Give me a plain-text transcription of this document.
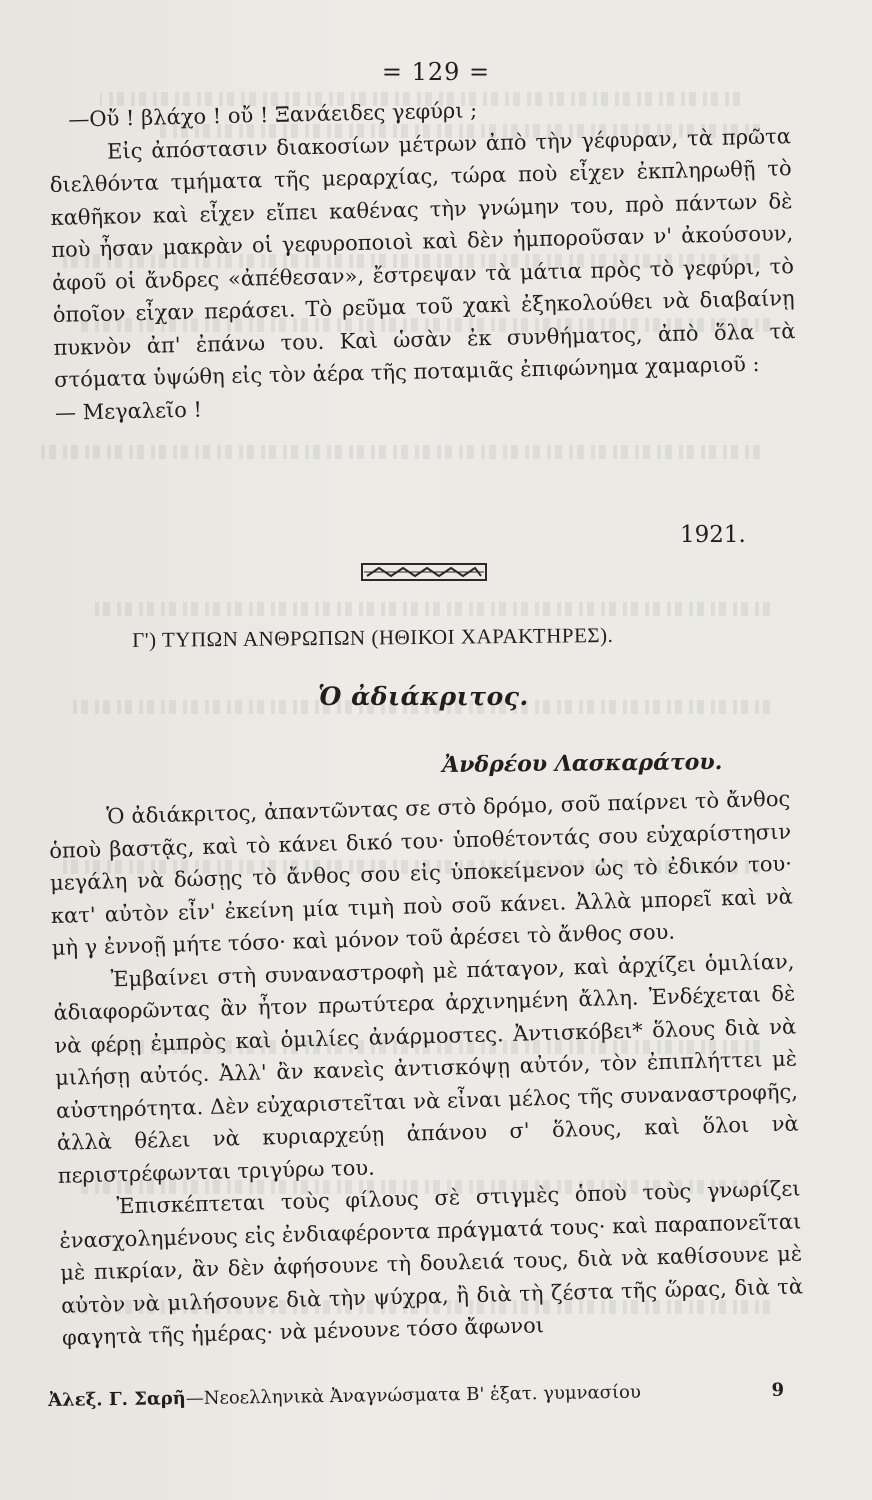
= 129 =

—Οὔ ! βλάχο ! οὔ ! Ξανάειδες γεφύρι ;

Εἰς ἀπόστασιν διακοσίων μέτρων ἀπὸ τὴν γέφυραν, τὰ πρῶτα διελθόντα τμήματα τῆς μεραρχίας, τώρα ποὺ εἶχεν ἐκπληρωθῇ τὸ καθῆκον καὶ εἶχεν εἴπει καθένας τὴν γνώμην του, πρὸ πάντων δὲ ποὺ ἦσαν μακρὰν οἱ γεφυροποιοὶ καὶ δὲν ἠμποροῦσαν ν' ἀκούσουν, ἀφοῦ οἱ ἄνδρες «ἀπέθεσαν», ἔστρεψαν τὰ μάτια πρὸς τὸ γεφύρι, τὸ ὁποῖον εἶχαν περάσει. Τὸ ρεῦμα τοῦ χακὶ ἐξηκολούθει νὰ διαβαίνῃ πυκνὸν ἀπ' ἐπάνω του. Καὶ ὡσὰν ἐκ συνθήματος, ἀπὸ ὅλα τὰ στόματα ὑψώθη εἰς τὸν ἀέρα τῆς ποταμιᾶς ἐπιφώνημα χαμαριοῦ :

— Μεγαλεῖο !

1921.
Γ') ΤΥΠΩΝ ΑΝΘΡΩΠΩΝ (ΗΘΙΚΟΙ ΧΑΡΑΚΤΗΡΕΣ).
Ὁ ἀδιάκριτος.
Ἀνδρέου Λασκαράτου.

Ὁ ἀδιάκριτος, ἀπαντῶντας σε στὸ δρόμο, σοῦ παίρνει τὸ ἄνθος ὁποὺ βαστᾷς, καὶ τὸ κάνει δικό του· ὑποθέτοντάς σου εὐχαρίστησιν μεγάλη νὰ δώσῃς τὸ ἄνθος σου εἰς ὑποκείμενον ὡς τὸ ἐδικόν του· κατ' αὐτὸν εἶν' ἐκείνη μία τιμὴ ποὺ σοῦ κάνει. Ἀλλὰ μπορεῖ καὶ νὰ μὴ γ ἐννοῇ μήτε τόσο· καὶ μόνον τοῦ ἀρέσει τὸ ἄνθος σου.

Ἐμβαίνει στὴ συναναστροφὴ μὲ πάταγον, καὶ ἀρχίζει ὁμιλίαν, ἀδιαφορῶντας ἂν ἦτον πρωτύτερα ἀρχινημένη ἄλλη. Ἐνδέχεται δὲ νὰ φέρῃ ἐμπρὸς καὶ ὁμιλίες ἀνάρμοστες. Ἀντισκόβει* ὅλους διὰ νὰ μιλήσῃ αὐτός. Ἀλλ' ἂν κανεὶς ἀντισκόψῃ αὐτόν, τὸν ἐπιπλήττει μὲ αὐστηρότητα. Δὲν εὐχαριστεῖται νὰ εἶναι μέλος τῆς συναναστροφῆς, ἀλλὰ θέλει νὰ κυριαρχεύῃ ἀπάνου σ' ὅλους, καὶ ὅλοι νὰ περιστρέφωνται τριγύρω του.

Ἐπισκέπτεται τοὺς φίλους σὲ στιγμὲς ὁποὺ τοὺς γνωρίζει ἐνασχολημένους εἰς ἐνδιαφέροντα πράγματά τους· καὶ παραπονεῖται μὲ πικρίαν, ἂν δὲν ἀφήσουνε τὴ δουλειά τους, διὰ νὰ καθίσουνε μὲ αὐτὸν νὰ μιλήσουνε διὰ τὴν ψύχρα, ἢ διὰ τὴ ζέστα τῆς ὥρας, διὰ τὰ φαγητὰ τῆς ἡμέρας· νὰ μένουνε τόσο ἄφωνοι

Ἀλεξ. Γ. Σαρῆ—Νεοελληνικὰ Ἀναγνώσματα Β' ἑξατ. γυμνασίου	9
